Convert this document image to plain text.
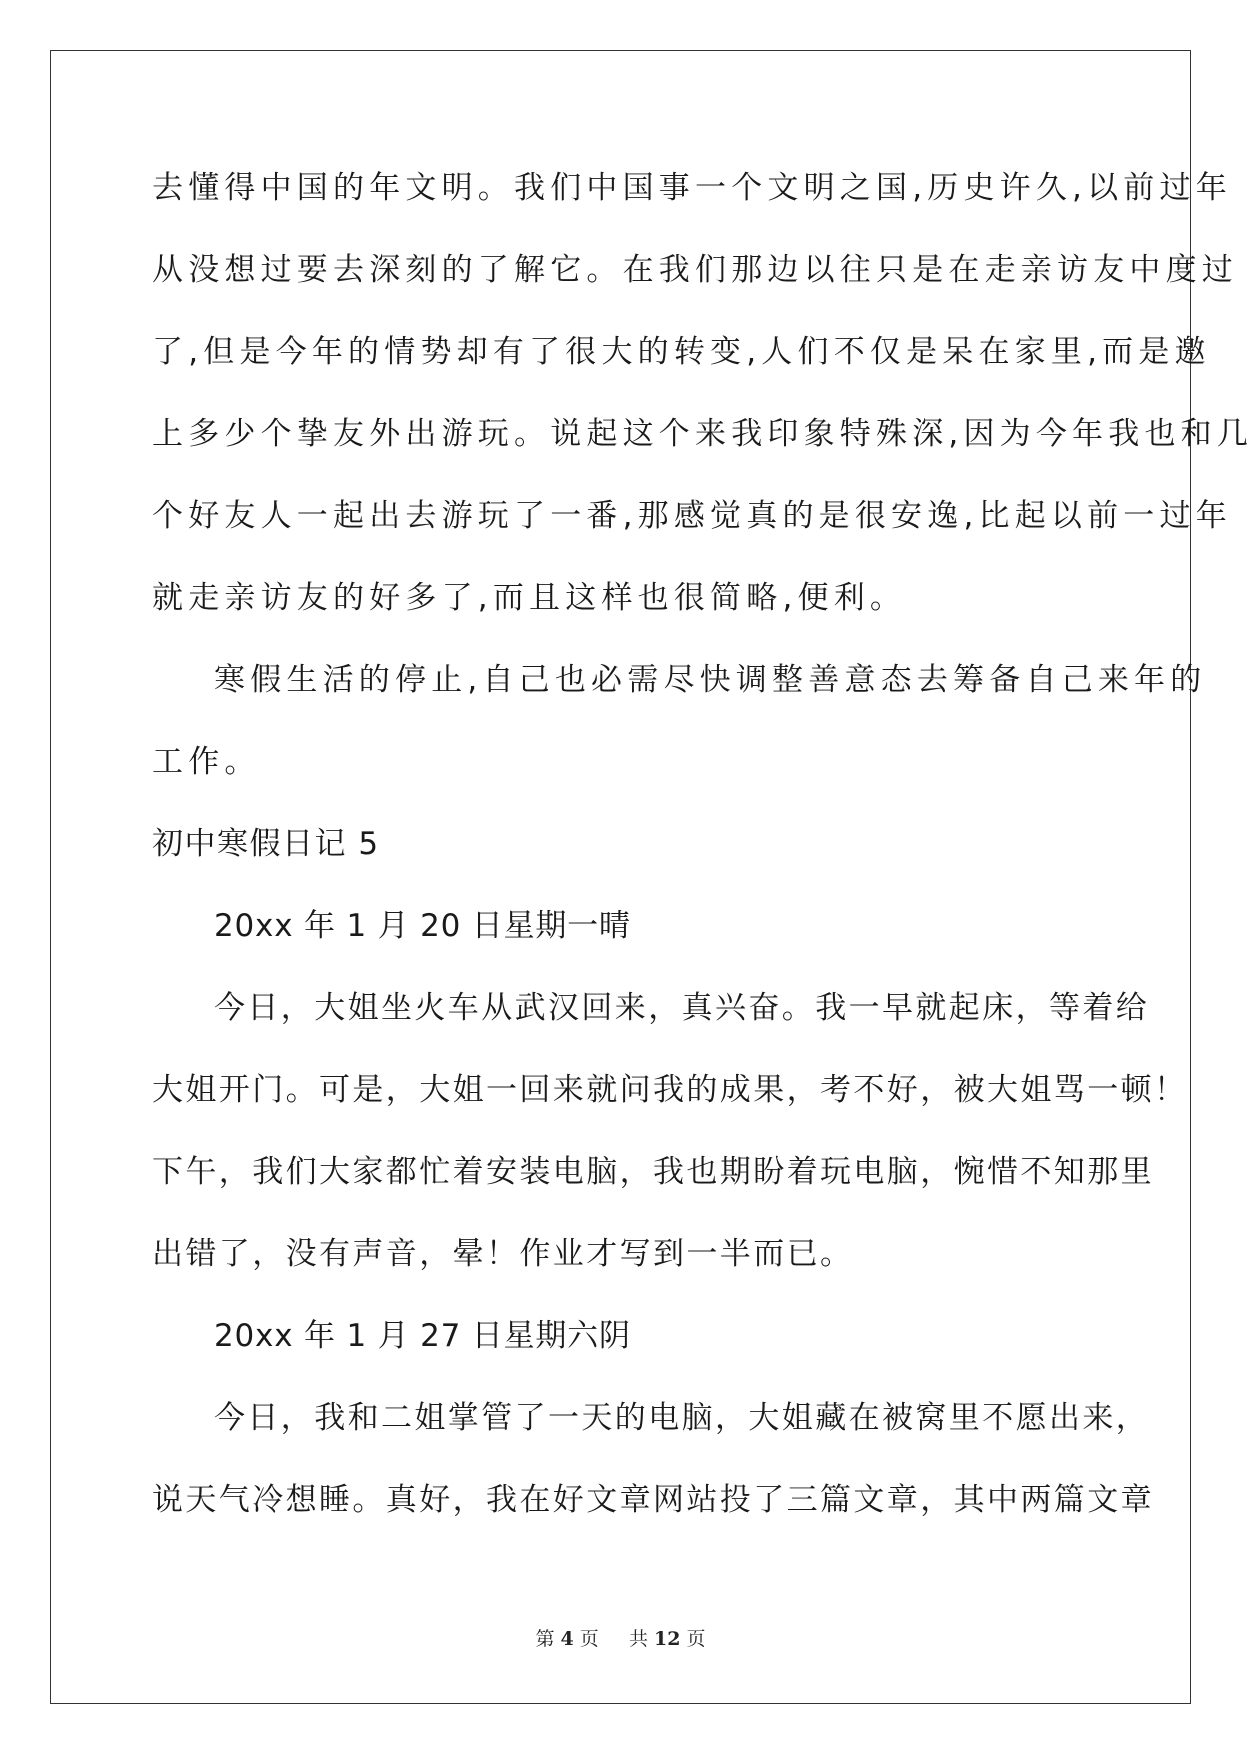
去懂得中国的年文明。我们中国事一个文明之国,历史许久,以前过年
从没想过要去深刻的了解它。在我们那边以往只是在走亲访友中度过
了,但是今年的情势却有了很大的转变,人们不仅是呆在家里,而是邀
上多少个挚友外出游玩。说起这个来我印象特殊深,因为今年我也和几
个好友人一起出去游玩了一番,那感觉真的是很安逸,比起以前一过年
就走亲访友的好多了,而且这样也很简略,便利。
寒假生活的停止,自己也必需尽快调整善意态去筹备自己来年的
工作。
初中寒假日记 5
20xx 年 1 月 20 日星期一晴
今日，大姐坐火车从武汉回来，真兴奋。我一早就起床，等着给
大姐开门。可是，大姐一回来就问我的成果，考不好，被大姐骂一顿！
下午，我们大家都忙着安装电脑，我也期盼着玩电脑，惋惜不知那里
出错了，没有声音，晕！作业才写到一半而已。
20xx 年 1 月 27 日星期六阴
今日，我和二姐掌管了一天的电脑，大姐藏在被窝里不愿出来，
说天气冷想睡。真好，我在好文章网站投了三篇文章，其中两篇文章
第 4 页 共 12 页
